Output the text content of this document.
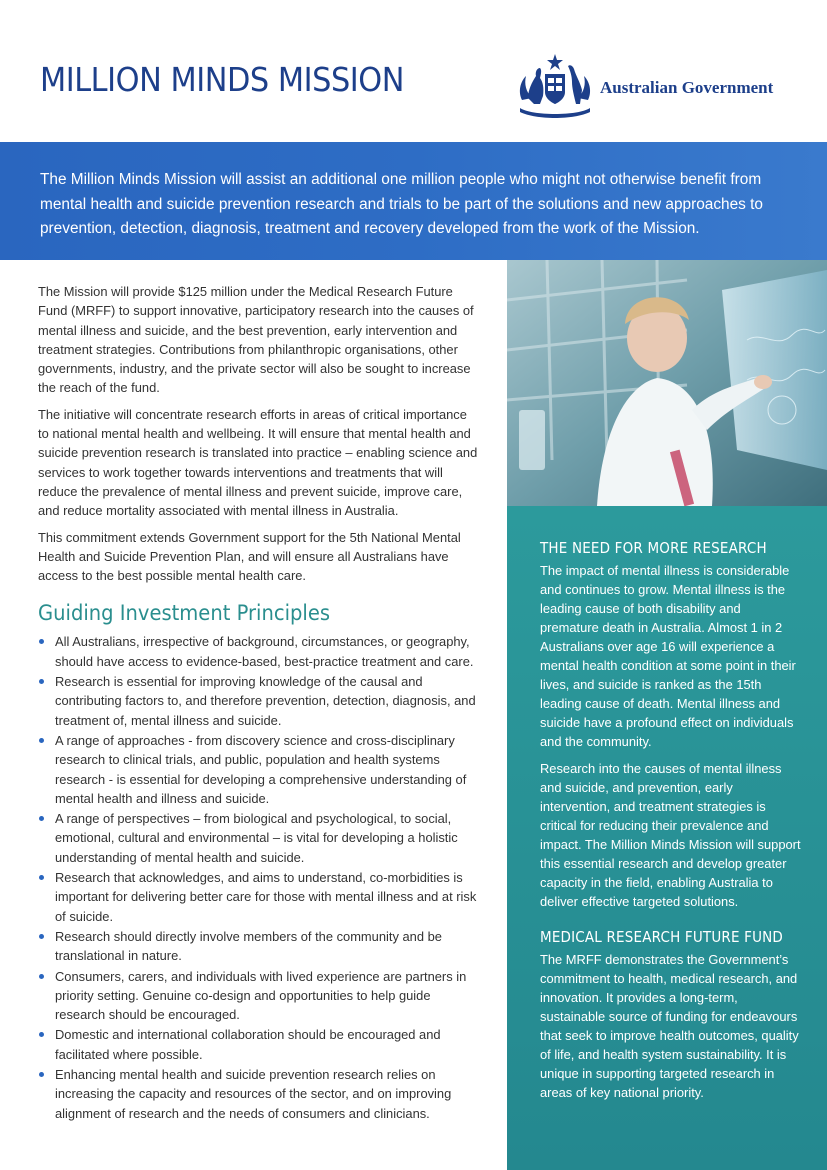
MILLION MINDS MISSION	Australian Government

The Million Minds Mission will assist an additional one million people who might not otherwise benefit from mental health and suicide prevention research and trials to be part of the solutions and new approaches to prevention, detection, diagnosis, treatment and recovery developed from the work of the Mission.

The Mission will provide $125 million under the Medical Research Future Fund (MRFF) to support innovative, participatory research into the causes of mental illness and suicide, and the best prevention, early intervention and treatment strategies. Contributions from philanthropic organisations, other governments, industry, and the private sector will also be sought to increase the reach of the fund.

The initiative will concentrate research efforts in areas of critical importance to national mental health and wellbeing. It will ensure that mental health and suicide prevention research is translated into practice – enabling science and services to work together towards interventions and treatments that will reduce the prevalence of mental illness and prevent suicide, improve care, and reduce mortality associated with mental illness in Australia.

This commitment extends Government support for the 5th National Mental Health and Suicide Prevention Plan, and will ensure all Australians have access to the best possible mental health care.

Guiding Investment Principles
All Australians, irrespective of background, circumstances, or geography, should have access to evidence-based, best-practice treatment and care.
Research is essential for improving knowledge of the causal and contributing factors to, and therefore prevention, detection, diagnosis, and treatment of, mental illness and suicide.
A range of approaches - from discovery science and cross-disciplinary research to clinical trials, and public, population and health systems research - is essential for developing a comprehensive understanding of mental health and illness and suicide.
A range of perspectives – from biological and psychological, to social, emotional, cultural and environmental – is vital for developing a holistic understanding of mental health and suicide.
Research that acknowledges, and aims to understand, co-morbidities is important for delivering better care for those with mental illness and at risk of suicide.
Research should directly involve members of the community and be translational in nature.
Consumers, carers, and individuals with lived experience are partners in priority setting. Genuine co-design and opportunities to help guide research should be encouraged.
Domestic and international collaboration should be encouraged and facilitated where possible.
Enhancing mental health and suicide prevention research relies on increasing the capacity and resources of the sector, and on improving alignment of research and the needs of consumers and clinicians.
THE NEED FOR MORE RESEARCH

The impact of mental illness is considerable and continues to grow. Mental illness is the leading cause of both disability and premature death in Australia. Almost 1 in 2 Australians over age 16 will experience a mental health condition at some point in their lives, and suicide is ranked as the 15th leading cause of death. Mental illness and suicide have a profound effect on individuals and the community.

Research into the causes of mental illness and suicide, and prevention, early intervention, and treatment strategies is critical for reducing their prevalence and impact. The Million Minds Mission will support this essential research and develop greater capacity in the field, enabling Australia to deliver effective targeted solutions.

MEDICAL RESEARCH FUTURE FUND

The MRFF demonstrates the Government’s commitment to health, medical research, and innovation. It provides a long-term, sustainable source of funding for endeavours that seek to improve health outcomes, quality of life, and health system sustainability. It is unique in supporting targeted research in areas of key national priority.
